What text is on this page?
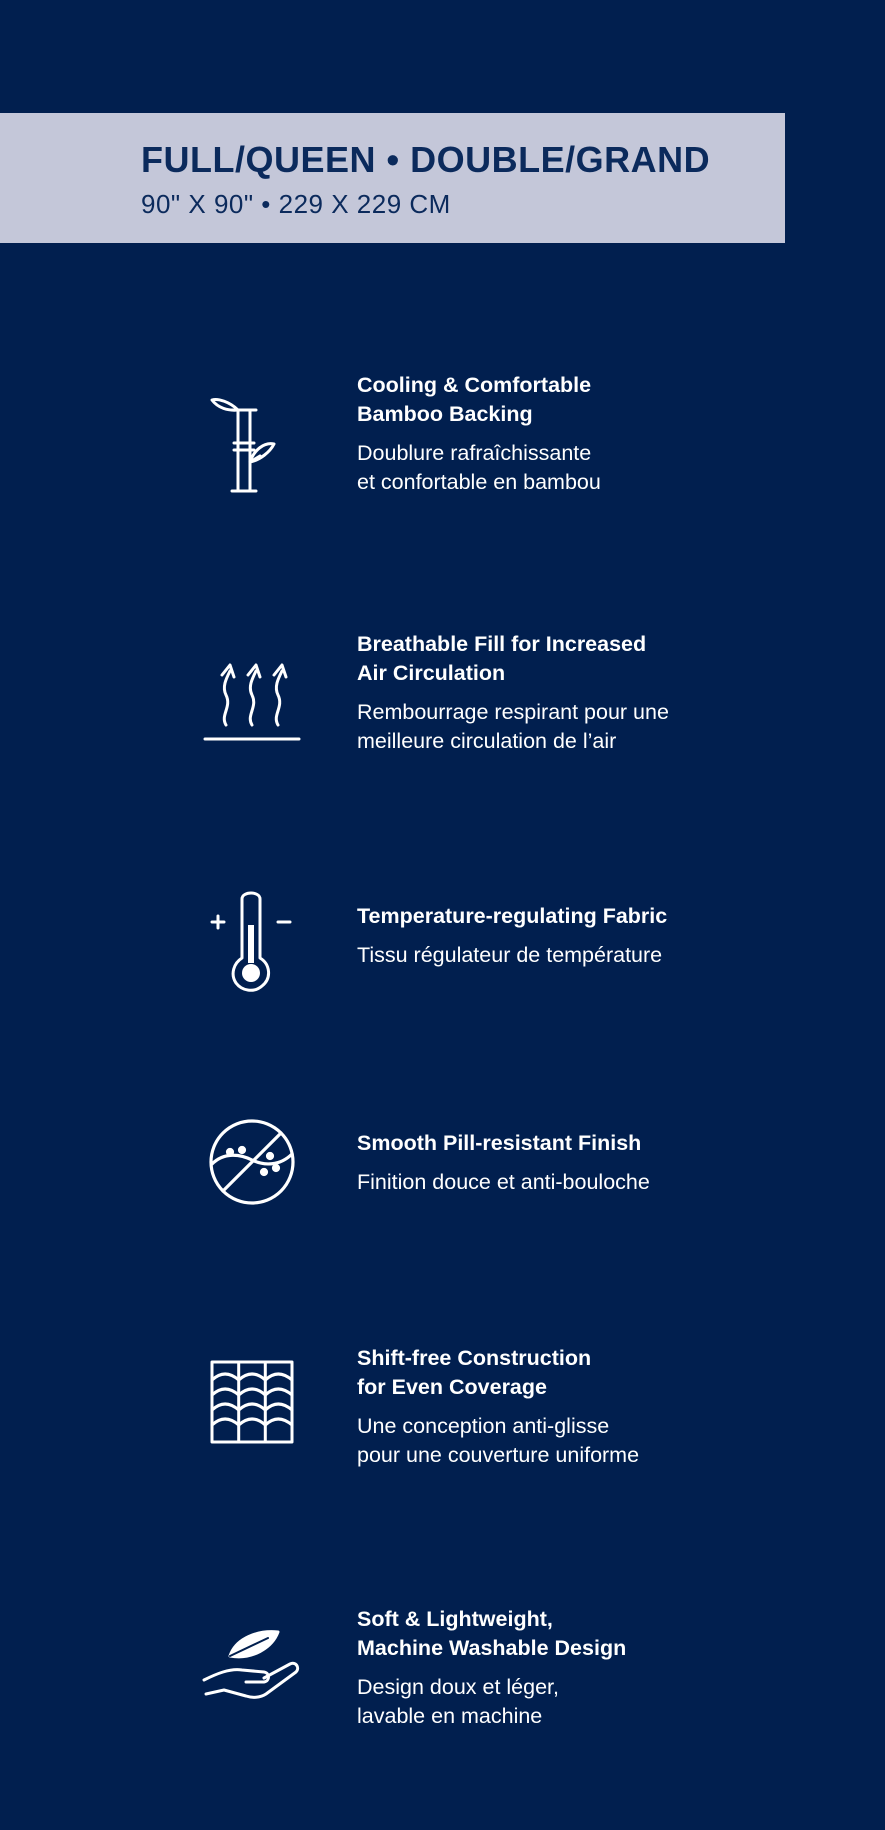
FULL/QUEEN • DOUBLE/GRAND
90" X 90" • 229 X 229 CM
Cooling & Comfortable
Bamboo Backing
Doublure rafraîchissante
et confortable en bambou
Breathable Fill for Increased
Air Circulation
Rembourrage respirant pour une
meilleure circulation de l’air
Temperature-regulating Fabric
Tissu régulateur de température
Smooth Pill-resistant Finish
Finition douce et anti-bouloche
Shift-free Construction
for Even Coverage
Une conception anti-glisse
pour une couverture uniforme
Soft & Lightweight,
Machine Washable Design
Design doux et léger,
lavable en machine
